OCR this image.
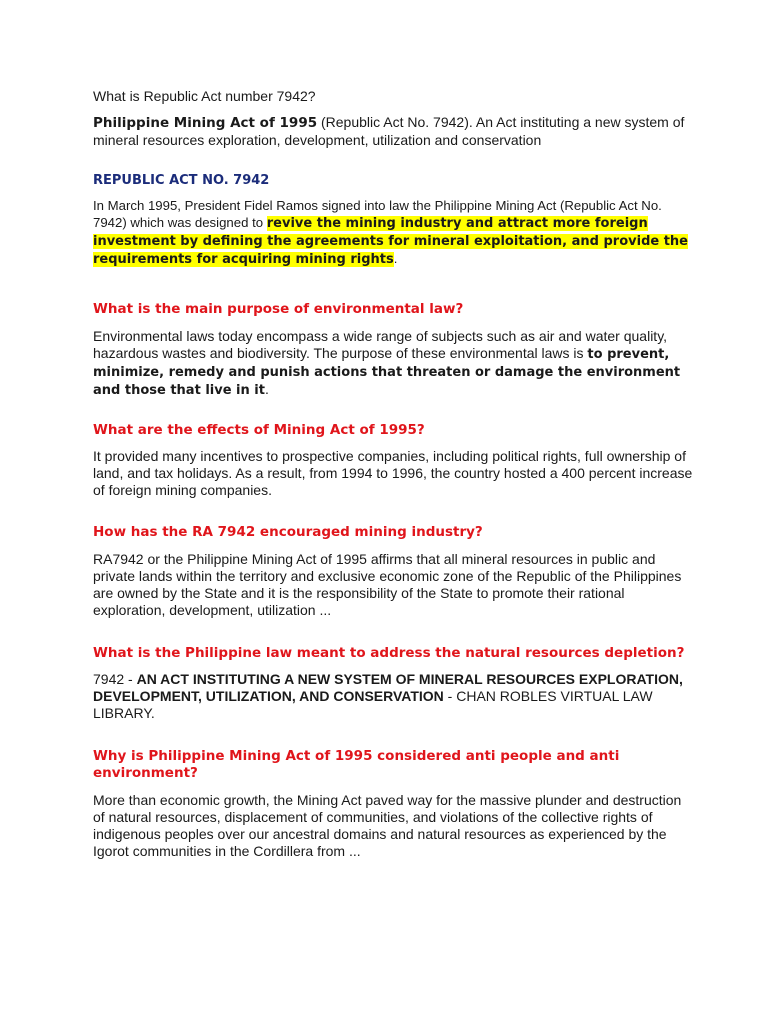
What is Republic Act number 7942?

Philippine Mining Act of 1995 (Republic Act No. 7942). An Act instituting a new system of mineral resources exploration, development, utilization and conservation

REPUBLIC ACT NO. 7942

In March 1995, President Fidel Ramos signed into law the Philippine Mining Act (Republic Act No. 7942) which was designed to revive the mining industry and attract more foreign investment by defining the agreements for mineral exploitation, and provide the requirements for acquiring mining rights.

What is the main purpose of environmental law?

Environmental laws today encompass a wide range of subjects such as air and water quality, hazardous wastes and biodiversity. The purpose of these environmental laws is to prevent, minimize, remedy and punish actions that threaten or damage the environment and those that live in it.

What are the effects of Mining Act of 1995?

It provided many incentives to prospective companies, including political rights, full ownership of land, and tax holidays. As a result, from 1994 to 1996, the country hosted a 400 percent increase of foreign mining companies.

How has the RA 7942 encouraged mining industry?

RA7942 or the Philippine Mining Act of 1995 affirms that all mineral resources in public and private lands within the territory and exclusive economic zone of the Republic of the Philippines are owned by the State and it is the responsibility of the State to promote their rational exploration, development, utilization ...

What is the Philippine law meant to address the natural resources depletion?

7942 - AN ACT INSTITUTING A NEW SYSTEM OF MINERAL RESOURCES EXPLORATION, DEVELOPMENT, UTILIZATION, AND CONSERVATION - CHAN ROBLES VIRTUAL LAW LIBRARY.

Why is Philippine Mining Act of 1995 considered anti people and anti environment?

More than economic growth, the Mining Act paved way for the massive plunder and destruction of natural resources, displacement of communities, and violations of the collective rights of indigenous peoples over our ancestral domains and natural resources as experienced by the Igorot communities in the Cordillera from ...
